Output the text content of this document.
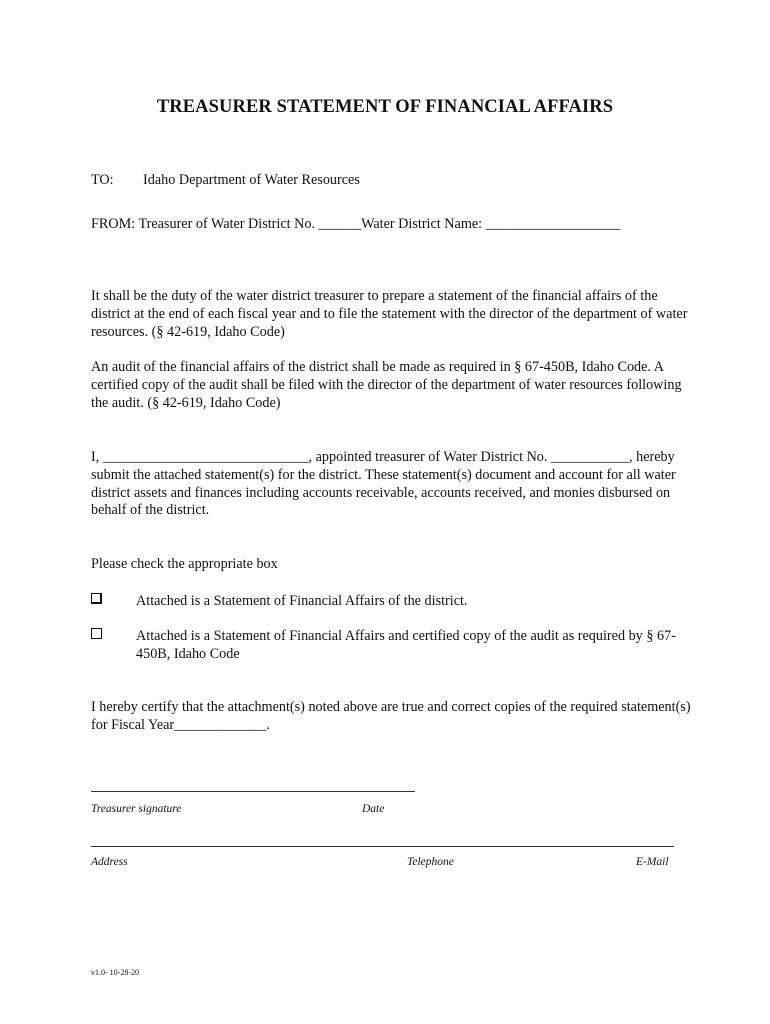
TREASURER STATEMENT OF FINANCIAL AFFAIRS
TO: Idaho Department of Water Resources
FROM: Treasurer of Water District No. ______Water District Name: ___________________
It shall be the duty of the water district treasurer to prepare a statement of the financial affairs of the district at the end of each fiscal year and to file the statement with the director of the department of water resources. (§ 42-619, Idaho Code)
An audit of the financial affairs of the district shall be made as required in § 67-450B, Idaho Code. A certified copy of the audit shall be filed with the director of the department of water resources following the audit. (§ 42-619, Idaho Code)
I, _____________________________, appointed treasurer of Water District No. ___________, hereby submit the attached statement(s) for the district. These statement(s) document and account for all water district assets and finances including accounts receivable, accounts received, and monies disbursed on behalf of the district.
Please check the appropriate box
Attached is a Statement of Financial Affairs of the district.
Attached is a Statement of Financial Affairs and certified copy of the audit as required by § 67-450B, Idaho Code
I hereby certify that the attachment(s) noted above are true and correct copies of the required statement(s) for Fiscal Year_____________.
Treasurer signature	Date
Address	Telephone	E-Mail
v1.0- 10-28-20
